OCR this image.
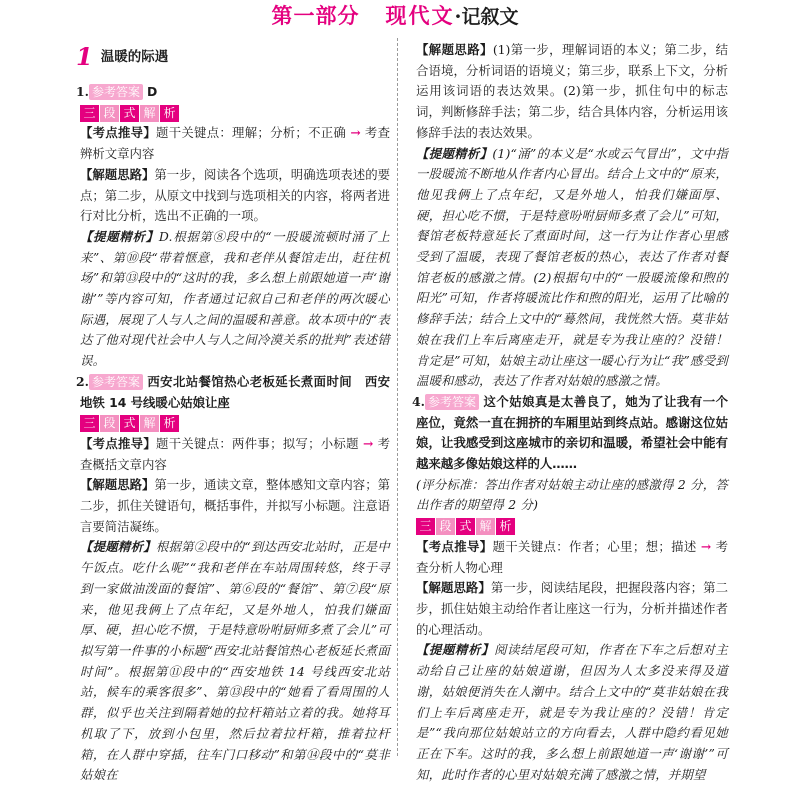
第一部分 现代文·记叙文
1 温暖的际遇

1. 参考答案 D

三 段 式 解 析

【考点推导】题干关键点：理解；分析；不正确 → 考查辨析文章内容

【解题思路】第一步，阅读各个选项，明确选项表述的要点；第二步，从原文中找到与选项相关的内容，将两者进行对比分析，选出不正确的一项。

【提题精析】D.根据第⑧段中的“一股暖流顿时涌了上来”、第⑩段“带着惬意，我和老伴从餐馆走出，赶往机场”和第⑬段中的“这时的我，多么想上前跟她道一声‘谢谢’”等内容可知，作者通过记叙自己和老伴的两次暖心际遇，展现了人与人之间的温暖和善意。故本项中的“表达了他对现代社会中人与人之间冷漠关系的批判”表述错误。

2. 参考答案 西安北站餐馆热心老板延长煮面时间　西安地铁 14 号线暖心姑娘让座

三 段 式 解 析

【考点推导】题干关键点：两件事；拟写；小标题 → 考查概括文章内容

【解题思路】第一步，通读文章，整体感知文章内容；第二步，抓住关键语句，概括事件，并拟写小标题。注意语言要简洁凝练。

【提题精析】根据第②段中的“到达西安北站时，正是中午饭点。吃什么呢”“我和老伴在车站周围转悠，终于寻到一家做油泼面的餐馆”、第⑥段的“餐馆”、第⑦段“原来，他见我俩上了点年纪，又是外地人，怕我们嫌面厚、硬，担心吃不惯，于是特意吩咐厨师多煮了会儿”可拟写第一件事的小标题“西安北站餐馆热心老板延长煮面时间”。根据第⑪段中的“西安地铁 14 号线西安北站站，候车的乘客很多”、第⑬段中的“她看了看周围的人群，似乎也关注到隔着她的拉杆箱站立着的我。她将耳机取了下，放到小包里，然后拉着拉杆箱，推着拉杆箱，在人群中穿插，往车门口移动”和第⑭段中的“莫非姑娘在

【解题思路】(1)第一步，理解词语的本义；第二步，结合语境，分析词语的语境义；第三步，联系上下文，分析运用该词语的表达效果。(2)第一步，抓住句中的标志词，判断修辞手法；第二步，结合具体内容，分析运用该修辞手法的表达效果。

【提题精析】(1)“涌”的本义是“水或云气冒出”，文中指一股暖流不断地从作者内心冒出。结合上文中的“原来，他见我俩上了点年纪，又是外地人，怕我们嫌面厚、硬，担心吃不惯，于是特意吩咐厨师多煮了会儿”可知，餐馆老板特意延长了煮面时间，这一行为让作者心里感受到了温暖，表现了餐馆老板的热心，表达了作者对餐馆老板的感激之情。(2)根据句中的“一股暖流像和煦的阳光”可知，作者将暖流比作和煦的阳光，运用了比喻的修辞手法；结合上文中的“蓦然间，我恍然大悟。莫非姑娘在我们上车后离座走开，就是专为我让座的？没错！肯定是”可知，姑娘主动让座这一暖心行为让“我”感受到温暖和感动，表达了作者对姑娘的感激之情。

4. 参考答案 这个姑娘真是太善良了，她为了让我有一个座位，竟然一直在拥挤的车厢里站到终点站。感谢这位姑娘，让我感受到这座城市的亲切和温暖，希望社会中能有越来越多像姑娘这样的人……

(评分标准：答出作者对姑娘主动让座的感激得 2 分，答出作者的期望得 2 分)

三 段 式 解 析

【考点推导】题干关键点：作者；心里；想；描述 → 考查分析人物心理

【解题思路】第一步，阅读结尾段，把握段落内容；第二步，抓住姑娘主动给作者让座这一行为，分析并描述作者的心理活动。

【提题精析】阅读结尾段可知，作者在下车之后想对主动给自己让座的姑娘道谢，但因为人太多没来得及道谢，姑娘便消失在人潮中。结合上文中的“莫非姑娘在我们上车后离座走开，就是专为我让座的？没错！肯定是”“我向那位姑娘站立的方向看去，人群中隐约看见她正在下车。这时的我，多么想上前跟她道一声‘谢谢’”可知，此时作者的心里对姑娘充满了感激之情，并期望
